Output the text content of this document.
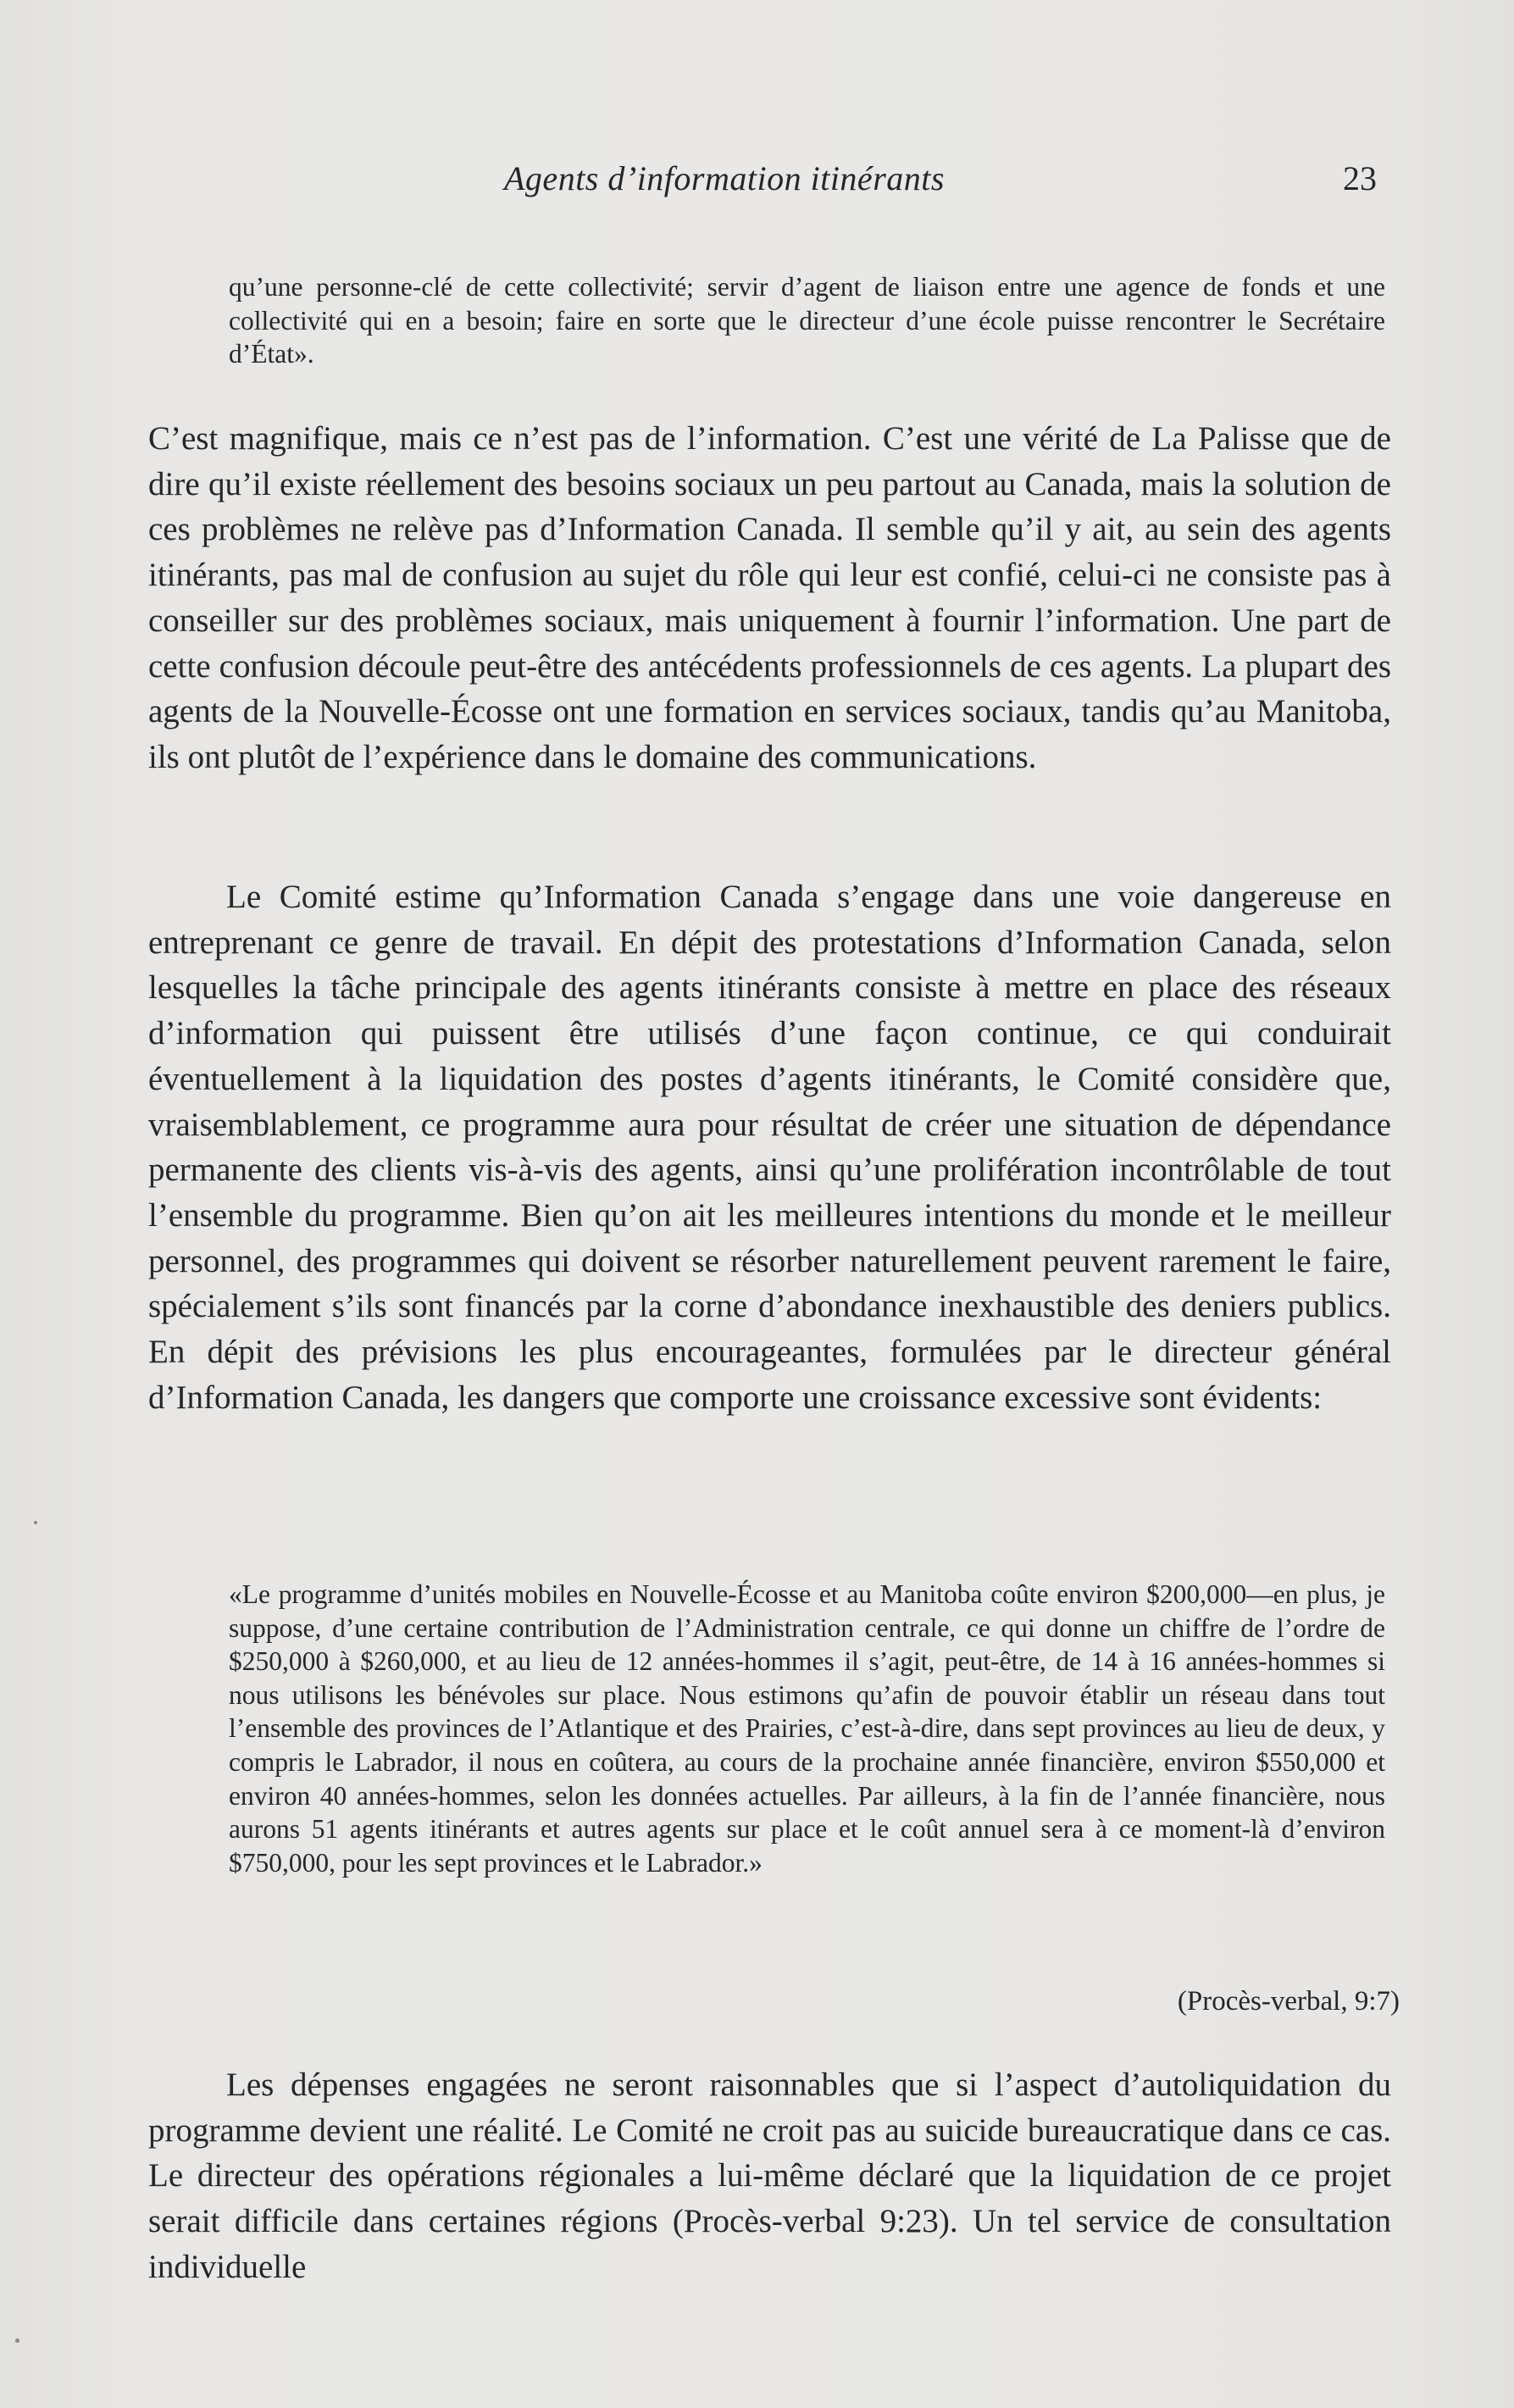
Agents d’information itinérants	23
qu’une personne-clé de cette collectivité; servir d’agent de liaison entre une agence de fonds et une collectivité qui en a besoin; faire en sorte que le directeur d’une école puisse rencontrer le Secrétaire d’État».
C’est magnifique, mais ce n’est pas de l’information. C’est une vérité de La Palisse que de dire qu’il existe réellement des besoins sociaux un peu partout au Canada, mais la solution de ces problèmes ne relève pas d’Information Canada. Il semble qu’il y ait, au sein des agents itinérants, pas mal de confusion au sujet du rôle qui leur est confié, celui-ci ne consiste pas à conseiller sur des problèmes sociaux, mais uniquement à fournir l’information. Une part de cette confusion découle peut-être des antécédents professionnels de ces agents. La plupart des agents de la Nouvelle-Écosse ont une formation en services sociaux, tandis qu’au Manitoba, ils ont plutôt de l’expérience dans le domaine des communications.
Le Comité estime qu’Information Canada s’engage dans une voie dangereuse en entreprenant ce genre de travail. En dépit des protestations d’Information Canada, selon lesquelles la tâche principale des agents itinérants consiste à mettre en place des réseaux d’information qui puissent être utilisés d’une façon continue, ce qui conduirait éventuellement à la liquidation des postes d’agents itinérants, le Comité considère que, vraisemblablement, ce programme aura pour résultat de créer une situation de dépendance permanente des clients vis-à-vis des agents, ainsi qu’une prolifération incontrôlable de tout l’ensemble du programme. Bien qu’on ait les meilleures intentions du monde et le meilleur personnel, des programmes qui doivent se résorber naturellement peuvent rarement le faire, spécialement s’ils sont financés par la corne d’abondance inexhaustible des deniers publics. En dépit des prévisions les plus encourageantes, formulées par le directeur général d’Information Canada, les dangers que comporte une croissance excessive sont évidents:
«Le programme d’unités mobiles en Nouvelle-Écosse et au Manitoba coûte environ $200,000—en plus, je suppose, d’une certaine contribution de l’Administration centrale, ce qui donne un chiffre de l’ordre de $250,000 à $260,000, et au lieu de 12 années-hommes il s’agit, peut-être, de 14 à 16 années-hommes si nous utilisons les bénévoles sur place. Nous estimons qu’afin de pouvoir établir un réseau dans tout l’ensemble des provinces de l’Atlantique et des Prairies, c’est-à-dire, dans sept provinces au lieu de deux, y compris le Labrador, il nous en coûtera, au cours de la prochaine année financière, environ $550,000 et environ 40 années-hommes, selon les données actuelles. Par ailleurs, à la fin de l’année financière, nous aurons 51 agents itinérants et autres agents sur place et le coût annuel sera à ce moment-là d’environ $750,000, pour les sept provinces et le Labrador.»
(Procès-verbal, 9:7)
Les dépenses engagées ne seront raisonnables que si l’aspect d’autoliquidation du programme devient une réalité. Le Comité ne croit pas au suicide bureaucratique dans ce cas. Le directeur des opérations régionales a lui-même déclaré que la liquidation de ce projet serait difficile dans certaines régions (Procès-verbal 9:23). Un tel service de consultation individuelle
